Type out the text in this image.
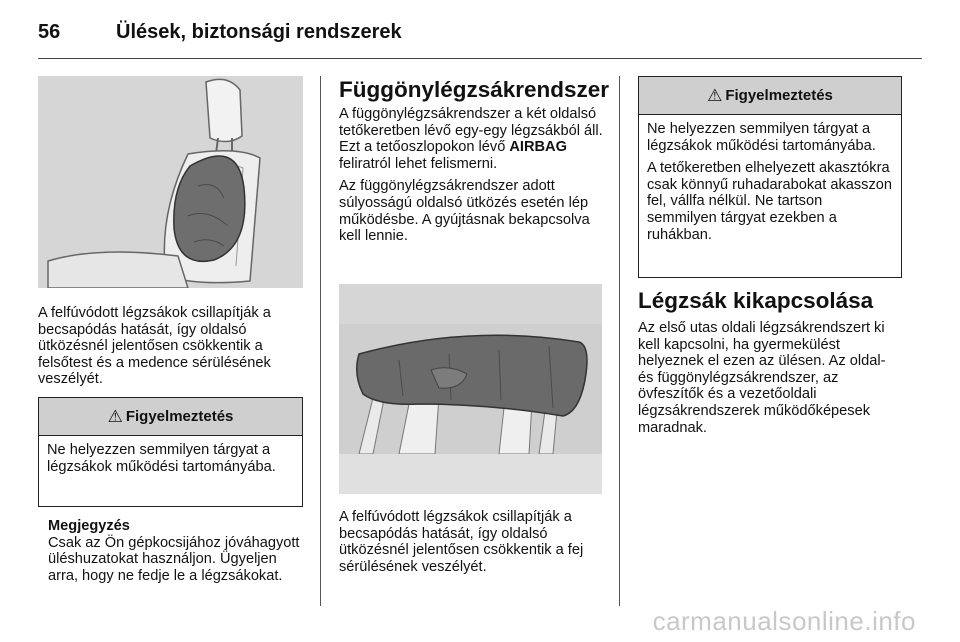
56	Ülések, biztonsági rendszerek

A felfúvódott légzsákok csillapítják a becsapódás hatását, így oldalsó ütközésnél jelentősen csökkentik a felsőtest és a medence sérülésének veszélyét.

⚠ Figyelmeztetés

Ne helyezzen semmilyen tárgyat a légzsákok működési tartományába.

Megjegyzés
Csak az Ön gépkocsijához jóváhagyott üléshuzatokat használjon. Ügyeljen arra, hogy ne fedje le a légzsákokat.
Függönylégzsákrendszer

A függönylégzsákrendszer a két oldalsó tetőkeretben lévő egy-egy légzsákból áll. Ezt a tetőoszlopokon lévő AIRBAG feliratról lehet felismerni.

Az függönylégzsákrendszer adott súlyosságú oldalsó ütközés esetén lép működésbe. A gyújtásnak bekapcsolva kell lennie.

A felfúvódott légzsákok csillapítják a becsapódás hatását, így oldalsó ütközésnél jelentősen csökkentik a fej sérülésének veszélyét.

⚠ Figyelmeztetés

Ne helyezzen semmilyen tárgyat a légzsákok működési tartományába.

A tetőkeretben elhelyezett akasztókra csak könnyű ruhadarabokat akasszon fel, vállfa nélkül. Ne tartson semmilyen tárgyat ezekben a ruhákban.

Légzsák kikapcsolása

Az első utas oldali légzsákrendszert ki kell kapcsolni, ha gyermekülést helyeznek el ezen az ülésen. Az oldal- és függönylégzsákrendszer, az övfeszítők és a vezetőoldali légzsákrendszerek működőképesek maradnak.

carmanualsonline.info
